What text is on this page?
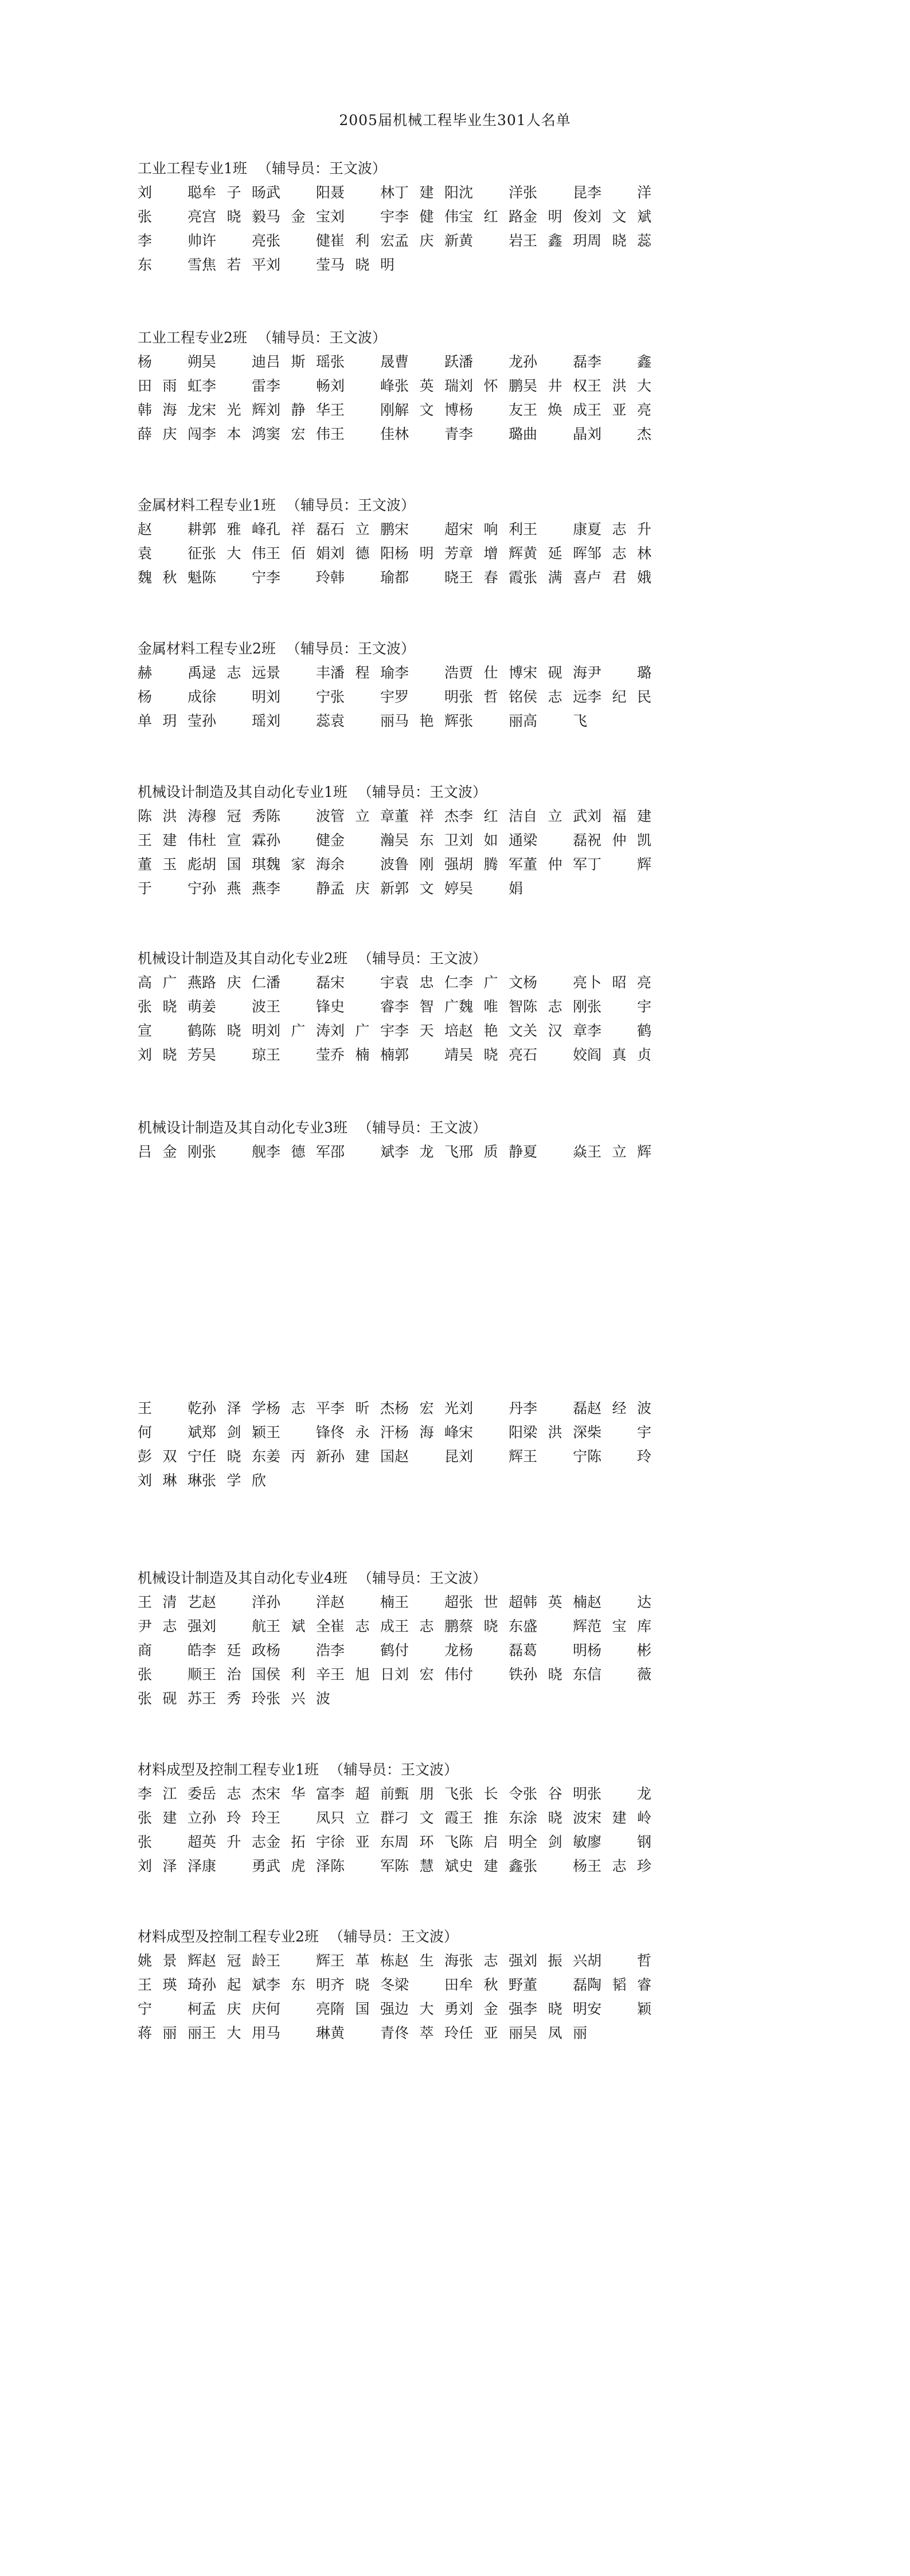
2005届机械工程毕业生301人名单
工业工程专业1班 （辅导员：王文波）
刘　聪 牟子旸 武　阳 聂　林 丁建阳 沈　洋 张　昆 李　洋
张　亮 宫晓毅 马金宝 刘　宇 李健伟 宝红路 金明俊 刘文斌
李　帅 许　亮 张　健 崔利宏 孟庆新 黄　岩 王鑫玥 周晓蕊
东　雪 焦若平 刘　莹 马晓明
工业工程专业2班 （辅导员：王文波）
杨　朔 吴　迪 吕斯瑶 张　晟 曹　跃 潘　龙 孙　磊 李　鑫
田雨虹 李　雷 李　畅 刘　峰 张英瑞 刘怀鹏 吴井权 王洪大
韩海龙 宋光辉 刘静华 王　刚 解文博 杨　友 王焕成 王亚亮
薛庆闯 李本鸿 窦宏伟 王　佳 林　青 李　璐 曲　晶 刘　杰
金属材料工程专业1班 （辅导员：王文波）
赵　耕 郭雅峰 孔祥磊 石立鹏 宋　超 宋响利 王　康 夏志升
袁　征 张大伟 王佰娟 刘德阳 杨明芳 章增辉 黄延晖 邹志林
魏秋魁 陈　宁 李　玲 韩　瑜 都　晓 王春霞 张满喜 卢君娥
金属材料工程专业2班 （辅导员：王文波）
赫　禹 逯志远 景　丰 潘程瑜 李　浩 贾仕博 宋砚海 尹　璐
杨　成 徐　明 刘　宁 张　宇 罗　明 张哲铭 侯志远 李纪民
单玥莹 孙　瑶 刘　蕊 袁　丽 马艳辉 张　丽 高　飞
机械设计制造及其自动化专业1班 （辅导员：王文波）
陈洪涛 穆冠秀 陈　波 管立章 董祥杰 李红洁 自立武 刘福建
王建伟 杜宣霖 孙　健 金　瀚 吴东卫 刘如通 梁　磊 祝仲凯
董玉彪 胡国琪 魏家海 余　波 鲁刚强 胡腾军 董仲军 丁　辉
于　宁 孙燕燕 李　静 孟庆新 郭文婷 吴　娟
机械设计制造及其自动化专业2班 （辅导员：王文波）
高广燕 路庆仁 潘　磊 宋　宇 袁忠仁 李广文 杨　亮 卜昭亮
张晓萌 姜　波 王　锋 史　睿 李智广 魏唯智 陈志刚 张　宇
宣　鹤 陈晓明 刘广涛 刘广宇 李天培 赵艳文 关汉章 李　鹤
刘晓芳 吴　琼 王　莹 乔楠楠 郭　靖 吴晓亮 石　姣 阎真贞
机械设计制造及其自动化专业3班 （辅导员：王文波）
吕金刚 张　舰 李德军 邵　斌 李龙飞 邢质静 夏　焱 王立辉
王　乾 孙泽学 杨志平 李昕杰 杨宏光 刘　丹 李　磊 赵经波
何　斌 郑剑颖 王　锋 佟永汗 杨海峰 宋　阳 梁洪深 柴　宇
彭双宁 任晓东 姜丙新 孙建国 赵　昆 刘　辉 王　宁 陈　玲
刘琳琳 张学欣
机械设计制造及其自动化专业4班 （辅导员：王文波）
王清艺 赵　洋 孙　洋 赵　楠 王　超 张世超 韩英楠 赵　达
尹志强 刘　航 王斌全 崔志成 王志鹏 蔡晓东 盛　辉 范宝库
商　皓 李廷政 杨　浩 李　鹤 付　龙 杨　磊 葛　明 杨　彬
张　顺 王治国 侯利辛 王旭日 刘宏伟 付　铁 孙晓东 信　薇
张砚苏 王秀玲 张兴波
材料成型及控制工程专业1班 （辅导员：王文波）
李江委 岳志杰 宋华富 李超前 甄朋飞 张长令 张谷明 张　龙
张建立 孙玲玲 王　凤 只立群 刁文霞 王推东 涂晓波 宋建岭
张　超 英升志 金拓宇 徐亚东 周环飞 陈启明 全剑敏 廖　钢
刘泽泽 康　勇 武虎泽 陈　军 陈慧斌 史建鑫 张　杨 王志珍
材料成型及控制工程专业2班 （辅导员：王文波）
姚景辉 赵冠龄 王　辉 王革栋 赵生海 张志强 刘振兴 胡　哲
王瑛琦 孙起斌 李东明 齐晓冬 梁　田 牟秋野 董　磊 陶韬睿
宁　柯 孟庆庆 何　亮 隋国强 边大勇 刘金强 李晓明 安　颖
蒋丽丽 王大用 马　琳 黄　青 佟萃玲 任亚丽 吴凤丽
